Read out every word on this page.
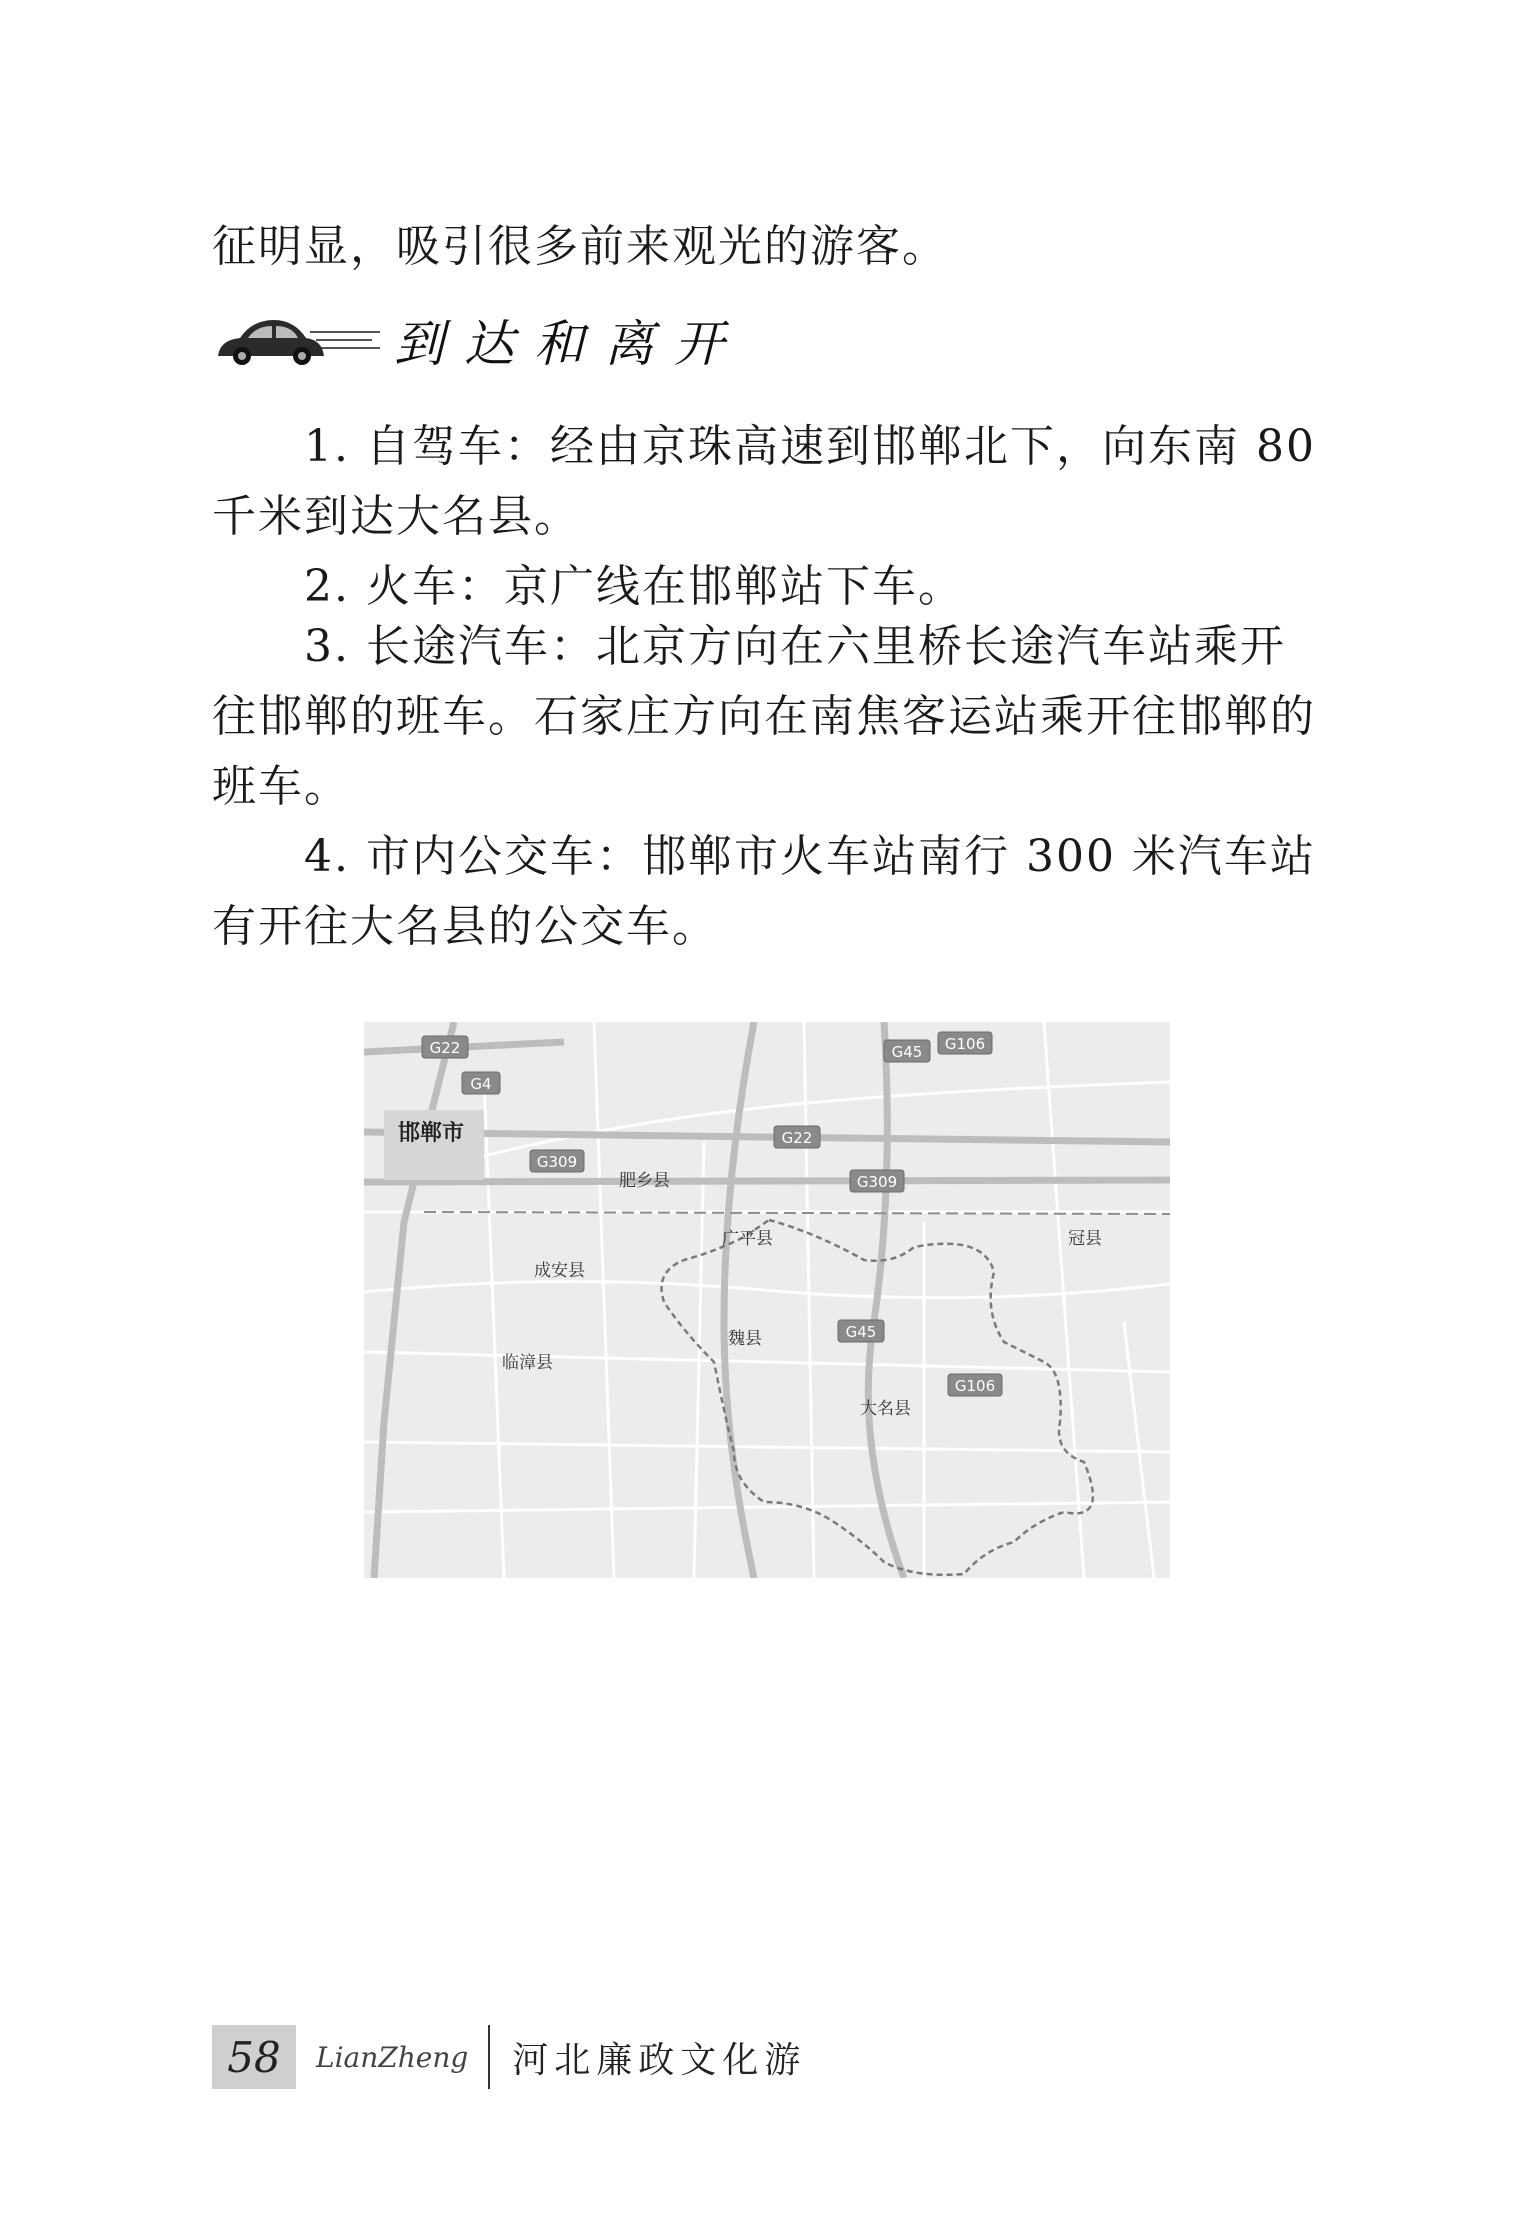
征明显，吸引很多前来观光的游客。

到达和离开

1. 自驾车：经由京珠高速到邯郸北下，向东南 80 千米到达大名县。

2. 火车：京广线在邯郸站下车。

3. 长途汽车：北京方向在六里桥长途汽车站乘开往邯郸的班车。石家庄方向在南焦客运站乘开往邯郸的班车。

4. 市内公交车：邯郸市火车站南行 300 米汽车站有开往大名县的公交车。

G22
G4
G45 G106
G22
G309
G309
G45
G106
邯郸市
肥乡县
广平县	冠县
成安县
魏县
临漳县
大名县
58	LianZheng 河北廉政文化游
